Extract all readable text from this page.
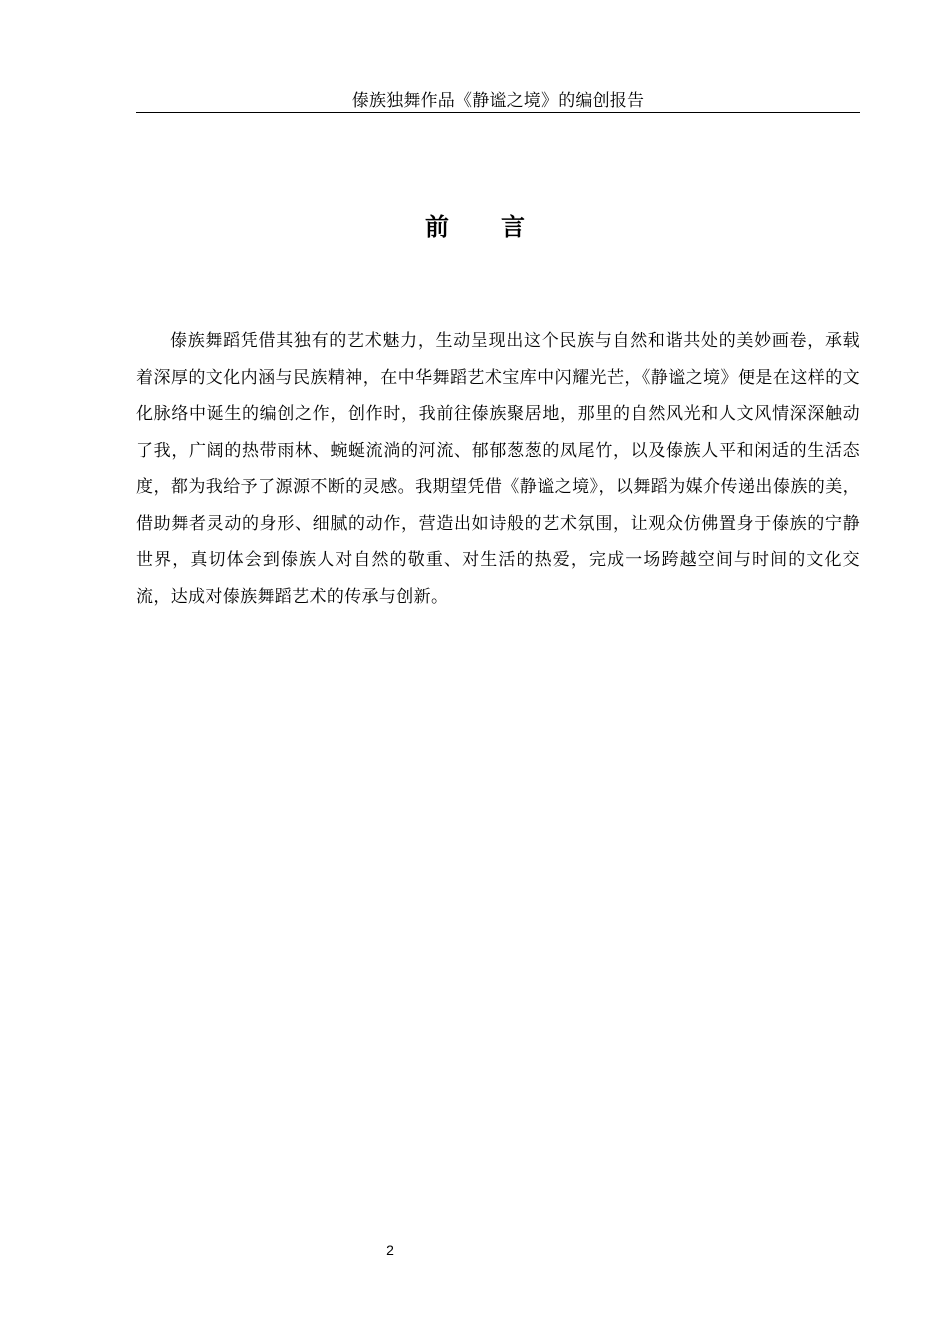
傣族独舞作品《静谧之境》的编创报告
前 言

傣族舞蹈凭借其独有的艺术魅力，生动呈现出这个民族与自然和谐共处的美妙画卷，承载着深厚的文化内涵与民族精神，在中华舞蹈艺术宝库中闪耀光芒，《静谧之境》便是在这样的文化脉络中诞生的编创之作，创作时，我前往傣族聚居地，那里的自然风光和人文风情深深触动了我，广阔的热带雨林、蜿蜒流淌的河流、郁郁葱葱的凤尾竹，以及傣族人平和闲适的生活态度，都为我给予了源源不断的灵感。我期望凭借《静谧之境》，以舞蹈为媒介传递出傣族的美，借助舞者灵动的身形、细腻的动作，营造出如诗般的艺术氛围，让观众仿佛置身于傣族的宁静世界，真切体会到傣族人对自然的敬重、对生活的热爱，完成一场跨越空间与时间的文化交流，达成对傣族舞蹈艺术的传承与创新。

2
